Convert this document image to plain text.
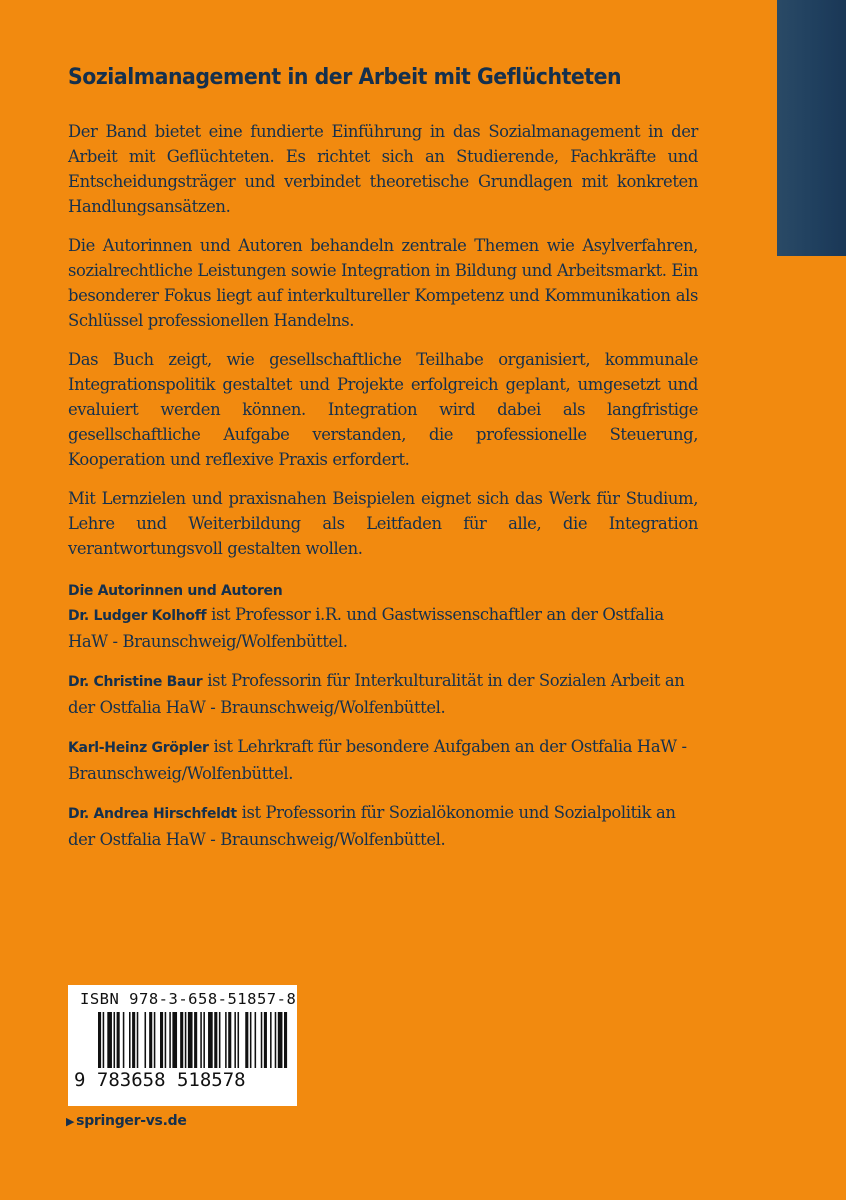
Sozialmanagement in der Arbeit mit Geflüchteten

Der Band bietet eine fundierte Einführung in das Sozialmanagement in der Arbeit mit Geflüchteten. Es richtet sich an Studierende, Fachkräfte und Entscheidungsträger und verbindet theoretische Grundlagen mit konkreten Handlungsansätzen.

Die Autorinnen und Autoren behandeln zentrale Themen wie Asylverfahren, sozialrechtliche Leistungen sowie Integration in Bildung und Arbeitsmarkt. Ein besonderer Fokus liegt auf interkultureller Kompetenz und Kommunikation als Schlüssel professionellen Handelns.

Das Buch zeigt, wie gesellschaftliche Teilhabe organisiert, kommunale Integrationspolitik gestaltet und Projekte erfolgreich geplant, umgesetzt und evaluiert werden können. Integration wird dabei als langfristige gesellschaftliche Aufgabe verstanden, die professionelle Steuerung, Kooperation und reflexive Praxis erfordert.

Mit Lernzielen und praxisnahen Beispielen eignet sich das Werk für Studium, Lehre und Weiterbildung als Leitfaden für alle, die Integration verantwortungsvoll gestalten wollen.

Die Autorinnen und Autoren

Dr. Ludger Kolhoff ist Professor i.R. und Gastwissenschaftler an der Ostfalia HaW - Braunschweig/Wolfenbüttel.

Dr. Christine Baur ist Professorin für Interkulturalität in der Sozialen Arbeit an der Ostfalia HaW - Braunschweig/Wolfenbüttel.

Karl-Heinz Gröpler ist Lehrkraft für besondere Aufgaben an der Ostfalia HaW - Braunschweig/Wolfenbüttel.

Dr. Andrea Hirschfeldt ist Professorin für Sozialökonomie und Sozialpolitik an der Ostfalia HaW - Braunschweig/Wolfenbüttel.

ISBN 978-3-658-51857-8
9 783658 518578
▶ springer-vs.de
